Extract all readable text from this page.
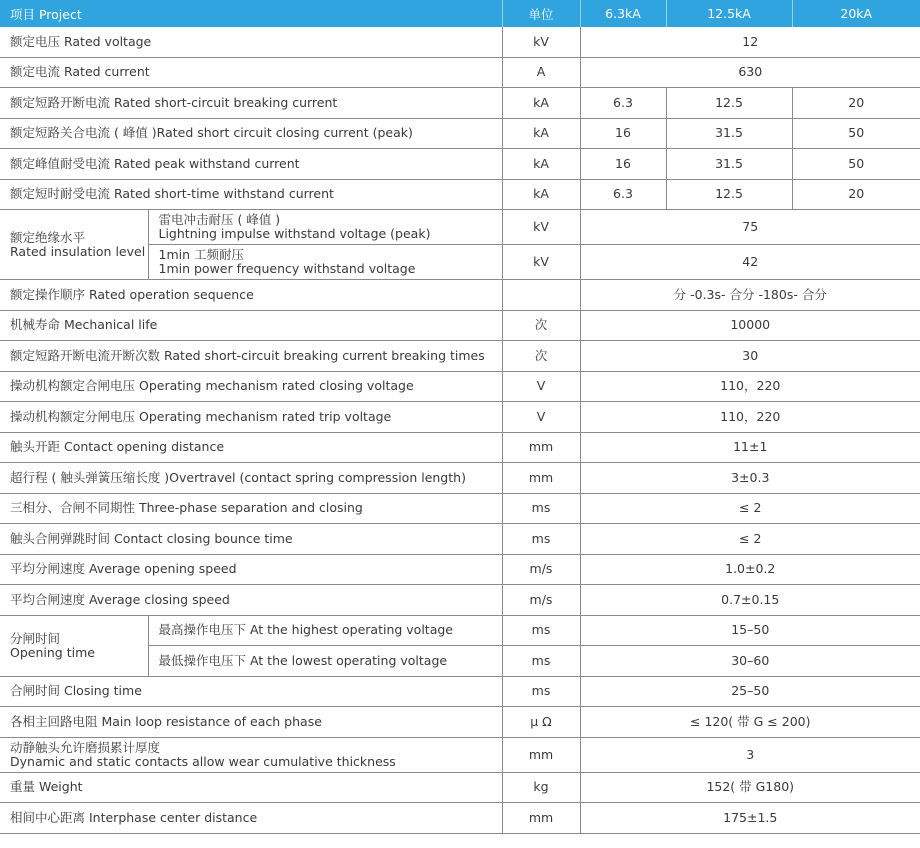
项目 Project		单位	6.3kA	12.5kA	20kA
额定电压 Rated voltage		kV	12		
额定电流 Rated current		A	630		
额定短路开断电流 Rated short-circuit breaking current		kA	6.3	12.5	20
额定短路关合电流 ( 峰值 )Rated short circuit closing current (peak)		kA	16	31.5	50
额定峰值耐受电流 Rated peak withstand current		kA	16	31.5	50
额定短时耐受电流 Rated short-time withstand current		kA	6.3	12.5	20

额定绝缘水平
Rated insulation level	雷电冲击耐压 ( 峰值 )
Lightning impulse withstand voltage (peak)	kV	75		

	1min 工频耐压
1min power frequency withstand voltage	kV	42		
额定操作顺序 Rated operation sequence			分 -0.3s- 合分 -180s- 合分		
机械寿命 Mechanical life		次	10000		
额定短路开断电流开断次数 Rated short-circuit breaking current breaking times		次	30		
操动机构额定合闸电压 Operating mechanism rated closing voltage		V	110，220		
操动机构额定分闸电压 Operating mechanism rated trip voltage		V	110，220		
触头开距 Contact opening distance		mm	11±1		
超行程 ( 触头弹簧压缩长度 )Overtravel (contact spring compression length)		mm	3±0.3		
三相分、合闸不同期性 Three-phase separation and closing		ms	≤ 2		
触头合闸弹跳时间 Contact closing bounce time		ms	≤ 2		
平均分闸速度 Average opening speed		m/s	1.0±0.2		
平均合闸速度 Average closing speed		m/s	0.7±0.15		

分闸时间
Opening time	最高操作电压下 At the highest operating voltage	ms	15–50		
	最低操作电压下 At the lowest operating voltage	ms	30–60		
合闸时间 Closing time		ms	25–50		
各相主回路电阻 Main loop resistance of each phase		μ Ω	≤ 120( 带 G ≤ 200)		

动静触头允许磨损累计厚度
Dynamic and static contacts allow wear cumulative thickness		mm	3		
重量 Weight		kg	152( 带 G180)		
相间中心距离 Interphase center distance		mm	175±1.5		
